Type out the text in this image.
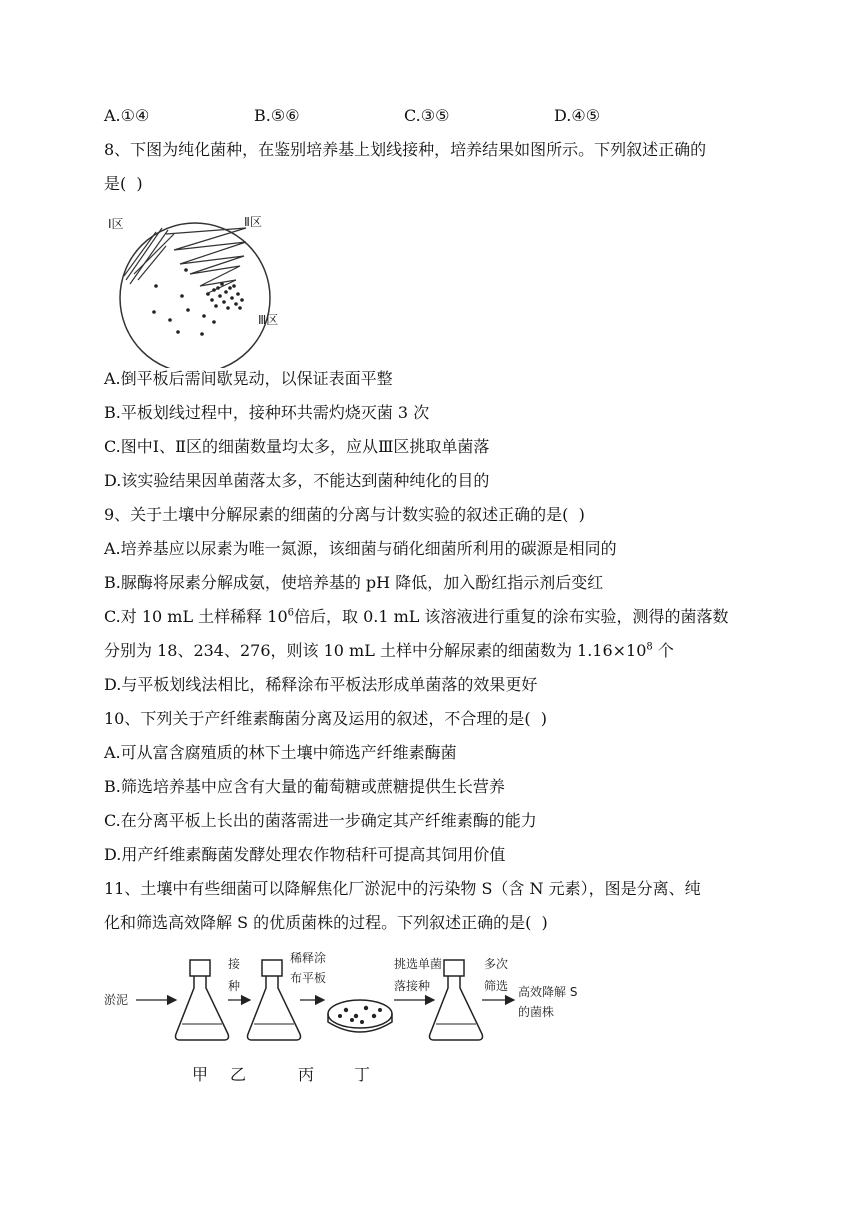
A.①④	B.⑤⑥	C.③⑤	D.④⑤
8、下图为纯化菌种，在鉴别培养基上划线接种，培养结果如图所示。下列叙述正确的
是(  )
Ⅰ区	Ⅱ区
Ⅲ区
A.倒平板后需间歇晃动，以保证表面平整
B.平板划线过程中，接种环共需灼烧灭菌 3 次
C.图中Ⅰ、Ⅱ区的细菌数量均太多，应从Ⅲ区挑取单菌落
D.该实验结果因单菌落太多，不能达到菌种纯化的目的
9、关于土壤中分解尿素的细菌的分离与计数实验的叙述正确的是(  )
A.培养基应以尿素为唯一氮源，该细菌与硝化细菌所利用的碳源是相同的
B.脲酶将尿素分解成氨，使培养基的 pH 降低，加入酚红指示剂后变红
C.对 10 mL 土样稀释 $10^6$倍后，取 0.1 mL 该溶液进行重复的涂布实验，测得的菌落数
分别为 18、234、276，则该 10 mL 土样中分解尿素的细菌数为 $1.16\times 10^8$ 个
D.与平板划线法相比，稀释涂布平板法形成单菌落的效果更好
10、下列关于产纤维素酶菌分离及运用的叙述，不合理的是(  )
A.可从富含腐殖质的林下土壤中筛选产纤维素酶菌
B.筛选培养基中应含有大量的葡萄糖或蔗糖提供生长营养
C.在分离平板上长出的菌落需进一步确定其产纤维素酶的能力
D.用产纤维素酶菌发酵处理农作物秸秆可提高其饲用价值
11、土壤中有些细菌可以降解焦化厂淤泥中的污染物 S（含 N 元素），图是分离、纯
化和筛选高效降解 S 的优质菌株的过程。下列叙述正确的是(  )
淤泥
接
种
稀释涂
布平板
挑选单菌
落接种
多次
筛选 高效降解 S
的菌株
甲 乙	丙 丁
